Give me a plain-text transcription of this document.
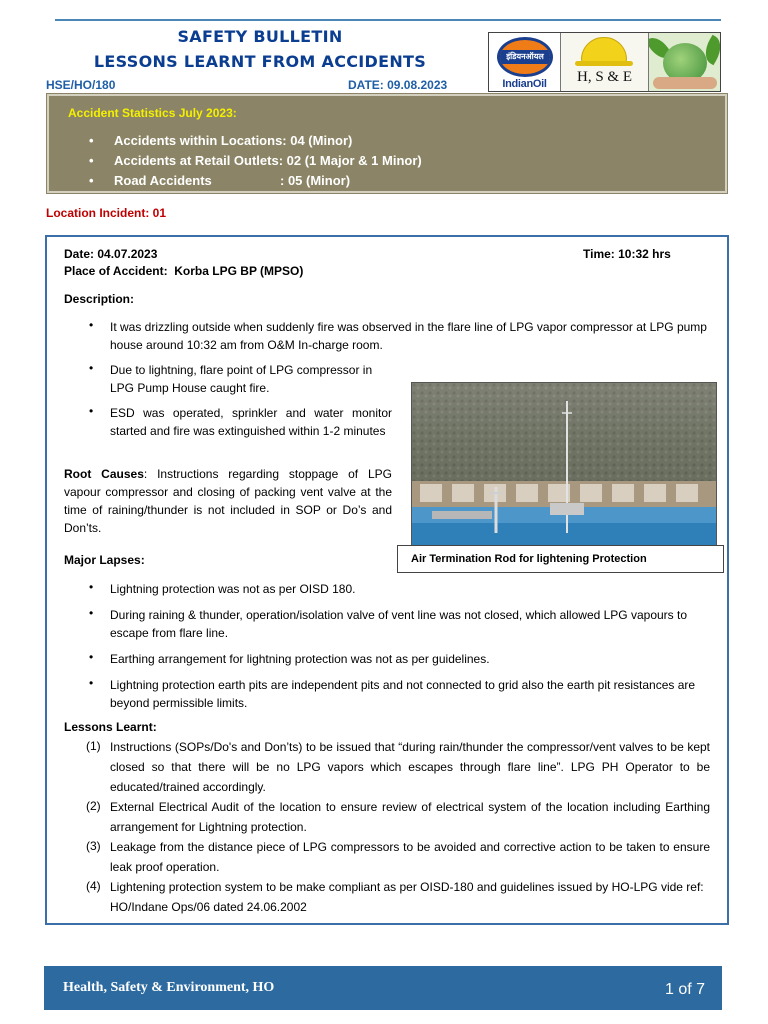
SAFETY BULLETIN
LESSONS LEARNT FROM ACCIDENTS
HSE/HO/180	DATE: 09.08.2023
इंडियनऑयल
IndianOil	H, S & E
Accident Statistics July 2023:
• Accidents within Locations: 04 (Minor)
• Accidents at Retail Outlets: 02 (1 Major & 1 Minor)
• Road Accidents	: 05 (Minor)
Location Incident: 01
Date: 04.07.2023	Time: 10:32 hrs
Place of Accident: Korba LPG BP (MPSO)
Description:
• It was drizzling outside when suddenly fire was observed in the flare line of LPG vapor compressor at LPG pump house around 10:32 am from O&M In-charge room.
• Due to lightning, flare point of LPG compressor in LPG Pump House caught fire.
• ESD was operated, sprinkler and water monitor started and fire was extinguished within 1-2 minutes
Root Causes: Instructions regarding stoppage of LPG vapour compressor and closing of packing vent valve at the time of raining/thunder is not included in SOP or Do’s and Don’ts.
Air Termination Rod for lightening Protection
Major Lapses:
• Lightning protection was not as per OISD 180.
• During raining & thunder, operation/isolation valve of vent line was not closed, which allowed LPG vapours to escape from flare line.
• Earthing arrangement for lightning protection was not as per guidelines.
• Lightning protection earth pits are independent pits and not connected to grid also the earth pit resistances are beyond permissible limits.
Lessons Learnt:
(1) Instructions (SOPs/Do's and Don’ts) to be issued that “during rain/thunder the compressor/vent valves to be kept closed so that there will be no LPG vapors which escapes through flare line”. LPG PH Operator to be educated/trained accordingly.
(2) External Electrical Audit of the location to ensure review of electrical system of the location including Earthing arrangement for Lightning protection.
(3) Leakage from the distance piece of LPG compressors to be avoided and corrective action to be taken to ensure leak proof operation.
(4) Lightening protection system to be make compliant as per OISD-180 and guidelines issued by HO-LPG vide ref: HO/Indane Ops/06 dated 24.06.2002
Health, Safety & Environment, HO	1 of 7
